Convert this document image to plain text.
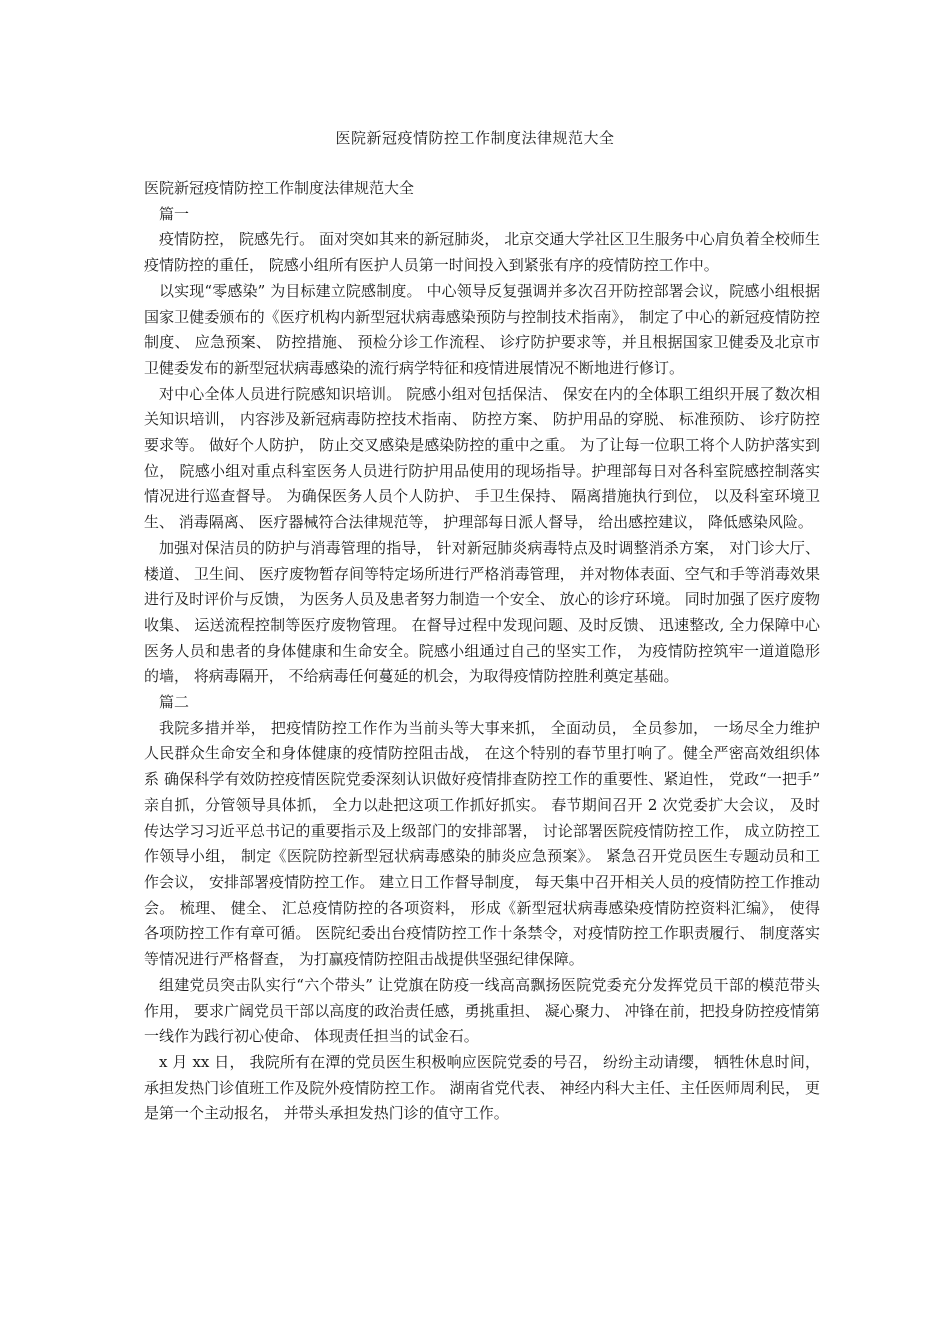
医院新冠疫情防控工作制度法律规范大全

医院新冠疫情防控工作制度法律规范大全

篇一

疫情防控， 院感先行。 面对突如其来的新冠肺炎， 北京交通大学社区卫生服务中心肩负着全校师生疫情防控的重任， 院感小组所有医护人员第一时间投入到紧张有序的疫情防控工作中。

以实现“零感染” 为目标建立院感制度。 中心领导反复强调并多次召开防控部署会议，院感小组根据国家卫健委颁布的《医疗机构内新型冠状病毒感染预防与控制技术指南》， 制定了中心的新冠疫情防控制度、 应急预案、 防控措施、 预检分诊工作流程、 诊疗防护要求等，并且根据国家卫健委及北京市卫健委发布的新型冠状病毒感染的流行病学特征和疫情进展情况不断地进行修订。

对中心全体人员进行院感知识培训。 院感小组对包括保洁、 保安在内的全体职工组织开展了数次相关知识培训， 内容涉及新冠病毒防控技术指南、 防控方案、 防护用品的穿脱、 标准预防、 诊疗防控要求等。 做好个人防护， 防止交叉感染是感染防控的重中之重。 为了让每一位职工将个人防护落实到位， 院感小组对重点科室医务人员进行防护用品使用的现场指导。护理部每日对各科室院感控制落实情况进行巡查督导。 为确保医务人员个人防护、 手卫生保持、 隔离措施执行到位， 以及科室环境卫生、 消毒隔离、 医疗器械符合法律规范等， 护理部每日派人督导， 给出感控建议， 降低感染风险。

加强对保洁员的防护与消毒管理的指导， 针对新冠肺炎病毒特点及时调整消杀方案， 对门诊大厅、 楼道、 卫生间、 医疗废物暂存间等特定场所进行严格消毒管理， 并对物体表面、空气和手等消毒效果进行及时评价与反馈， 为医务人员及患者努力制造一个安全、 放心的诊疗环境。 同时加强了医疗废物收集、 运送流程控制等医疗废物管理。 在督导过程中发现问题、及时反馈、 迅速整改, 全力保障中心医务人员和患者的身体健康和生命安全。院感小组通过自己的坚实工作， 为疫情防控筑牢一道道隐形的墙， 将病毒隔开， 不给病毒任何蔓延的机会，为取得疫情防控胜利奠定基础。

篇二

我院多措并举， 把疫情防控工作作为当前头等大事来抓， 全面动员， 全员参加， 一场尽全力维护人民群众生命安全和身体健康的疫情防控阻击战， 在这个特别的春节里打响了。健全严密高效组织体系 确保科学有效防控疫情医院党委深刻认识做好疫情排查防控工作的重要性、紧迫性， 党政“一把手” 亲自抓，分管领导具体抓， 全力以赴把这项工作抓好抓实。 春节期间召开 2 次党委扩大会议， 及时传达学习习近平总书记的重要指示及上级部门的安排部署， 讨论部署医院疫情防控工作， 成立防控工作领导小组， 制定《医院防控新型冠状病毒感染的肺炎应急预案》。 紧急召开党员医生专题动员和工作会议， 安排部署疫情防控工作。 建立日工作督导制度， 每天集中召开相关人员的疫情防控工作推动会。 梳理、 健全、 汇总疫情防控的各项资料， 形成《新型冠状病毒感染疫情防控资料汇编》， 使得各项防控工作有章可循。 医院纪委出台疫情防控工作十条禁令，对疫情防控工作职责履行、 制度落实等情况进行严格督查， 为打赢疫情防控阻击战提供坚强纪律保障。

组建党员突击队实行“六个带头” 让党旗在防疫一线高高飘扬医院党委充分发挥党员干部的模范带头作用， 要求广阔党员干部以高度的政治责任感，勇挑重担、 凝心聚力、 冲锋在前，把投身防控疫情第一线作为践行初心使命、 体现责任担当的试金石。

x 月 xx 日， 我院所有在潭的党员医生积极响应医院党委的号召， 纷纷主动请缨， 牺牲休息时间， 承担发热门诊值班工作及院外疫情防控工作。 湖南省党代表、 神经内科大主任、主任医师周利民， 更是第一个主动报名， 并带头承担发热门诊的值守工作。
